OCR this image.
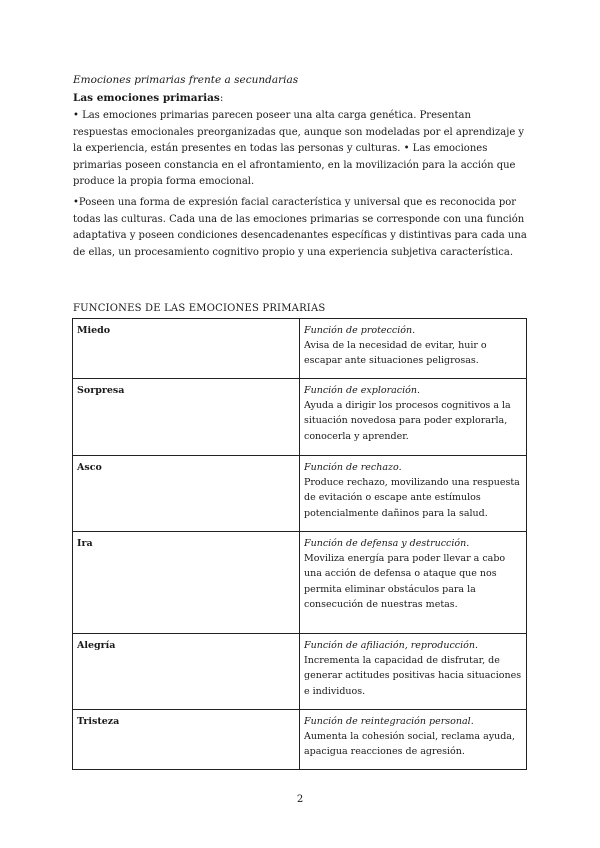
Emociones primarias frente a secundarias

Las emociones primarias:

• Las emociones primarias parecen poseer una alta carga genética. Presentan respuestas emocionales preorganizadas que, aunque son modeladas por el aprendizaje y la experiencia, están presentes en todas las personas y culturas. • Las emociones primarias poseen constancia en el afrontamiento, en la movilización para la acción que produce la propia forma emocional.

•Poseen una forma de expresión facial característica y universal que es reconocida por todas las culturas. Cada una de las emociones primarias se corresponde con una función adaptativa y poseen condiciones desencadenantes específicas y distintivas para cada una de ellas, un procesamiento cognitivo propio y una experiencia subjetiva característica.

FUNCIONES DE LAS EMOCIONES PRIMARIAS

Miedo	Función de protección.
Avisa de la necesidad de evitar, huir o escapar ante situaciones peligrosas.

Sorpresa	Función de exploración.
Ayuda a dirigir los procesos cognitivos a la situación novedosa para poder explorarla, conocerla y aprender.

Asco	Función de rechazo.
Produce rechazo, movilizando una respuesta de evitación o escape ante estímulos potencialmente dañinos para la salud.

Ira	Función de defensa y destrucción.
Moviliza energía para poder llevar a cabo una acción de defensa o ataque que nos permita eliminar obstáculos para la consecución de nuestras metas.

Alegría	Función de afiliación, reproducción.
Incrementa la capacidad de disfrutar, de generar actitudes positivas hacia situaciones e individuos.

Tristeza	Función de reintegración personal.
Aumenta la cohesión social, reclama ayuda, apacigua reacciones de agresión.

2
